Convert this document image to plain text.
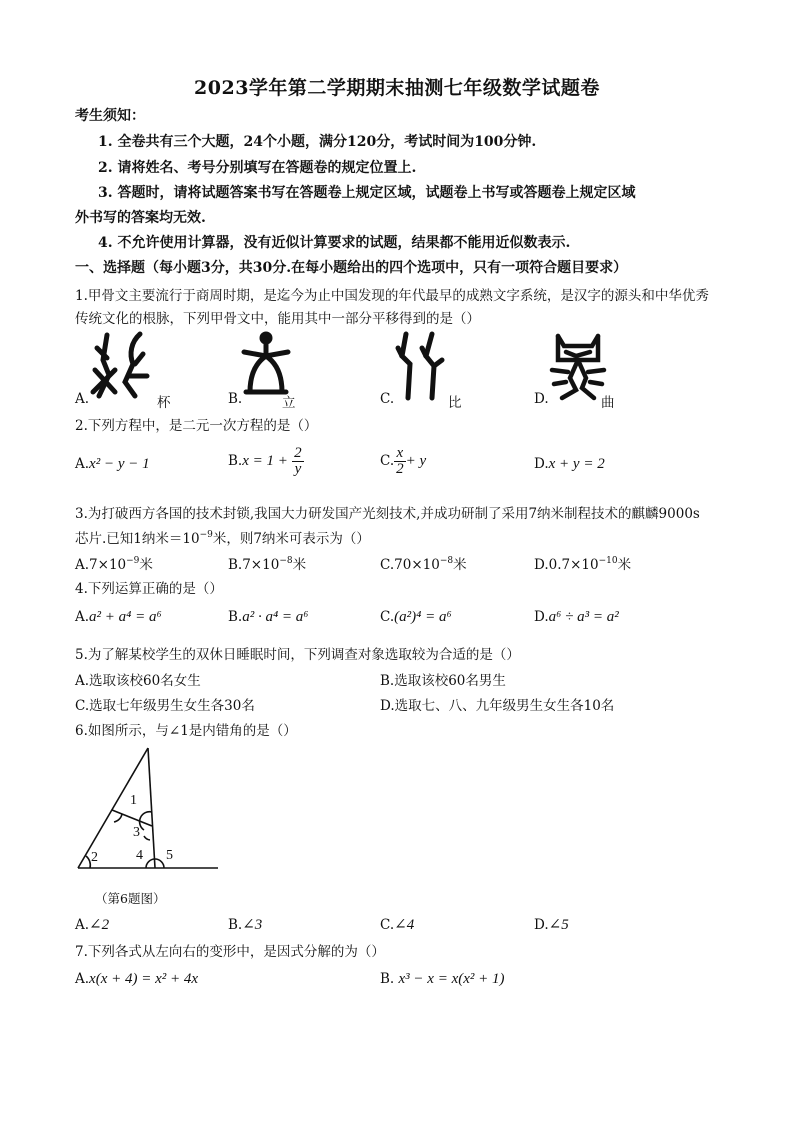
2023学年第二学期期末抽测七年级数学试题卷
考生须知：
1. 全卷共有三个大题，24个小题，满分120分，考试时间为100分钟.
2. 请将姓名、考号分别填写在答题卷的规定位置上.
3. 答题时，请将试题答案书写在答题卷上规定区域，试题卷上书写或答题卷上规定区域
外书写的答案均无效.
4. 不允许使用计算器，没有近似计算要求的试题，结果都不能用近似数表示.
一、选择题（每小题3分，共30分.在每小题给出的四个选项中，只有一项符合题目要求）
1.甲骨文主要流行于商周时期，是迄今为止中国发现的年代最早的成熟文字系统，是汉字的源头和中华优秀
传统文化的根脉，下列甲骨文中，能用其中一部分平移得到的是（）
A.	杯	B.	立	C.	比	D.	曲
2.下列方程中，是二元一次方程的是（）
A.x² − y − 1	$B.x = 1 + \frac{2}{y}$	C. $\frac{x}{2} + y$	D.x + y = 2
3.为打破西方各国的技术封锁,我国大力研发国产光刻技术,并成功研制了采用7纳米制程技术的麒麟9000s
芯片.已知1纳米$=10^{-9}$米，则7纳米可表示为（）
$A.7\times 10^{-9}$米	$B.7\times 10^{-8}$米	$C.70\times 10^{-8}$米	$D.0.7\times 10^{-10}$米
4.下列运算正确的是（）
A.a² + a⁴ = a⁶	B.a² · a⁴ = a⁶	C.(a²)⁴ = a⁶	D.a⁶ ÷ a³ = a²
5.为了解某校学生的双休日睡眠时间，下列调查对象选取较为合适的是（）
A.选取该校60名女生	B.选取该校60名男生
C.选取七年级男生女生各30名	D.选取七、八、九年级男生女生各10名
6.如图所示，与∠1是内错角的是（）
1
2
3
4 5
（第6题图）
A.∠2	B.∠3	C.∠4	D.∠5
7.下列各式从左向右的变形中，是因式分解的为（）
A.x(x + 4) = x² + 4x	B. x³ − x = x(x² + 1)
